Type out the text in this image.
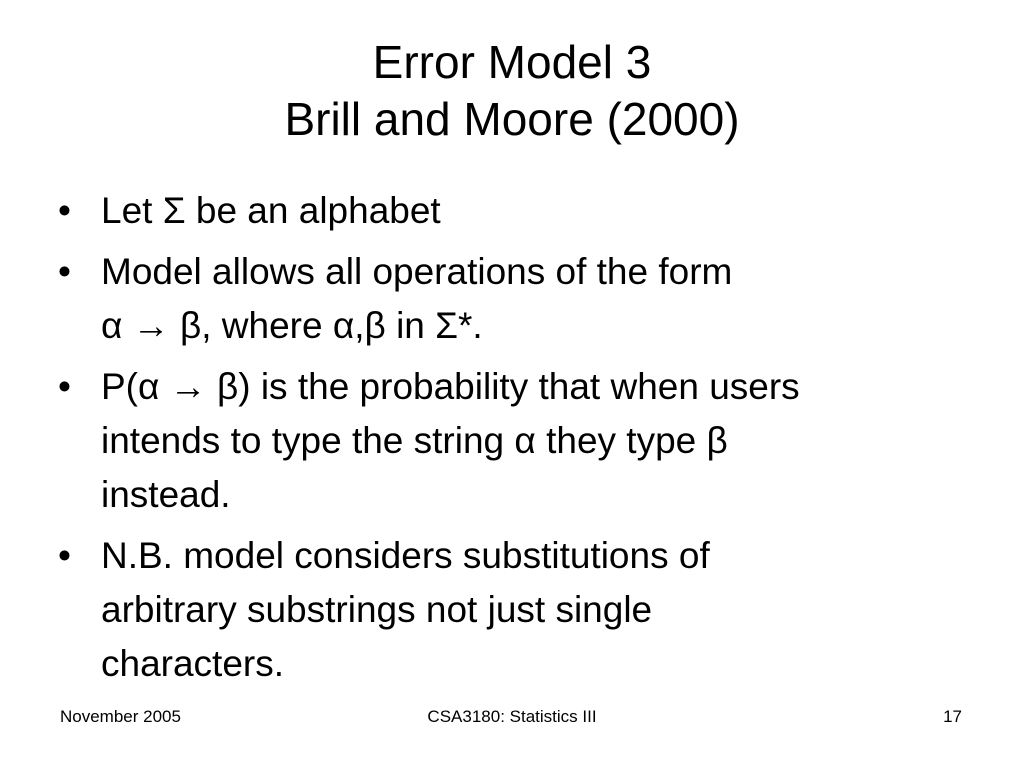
Error Model 3
Brill and Moore (2000)
• Let Σ be an alphabet
• Model allows all operations of the form
α → β, where α,β in Σ*.
• P(α → β) is the probability that when users
intends to type the string α they type β
instead.
• N.B. model considers substitutions of
arbitrary substrings not just single
characters.
November 2005	CSA3180: Statistics III	17
